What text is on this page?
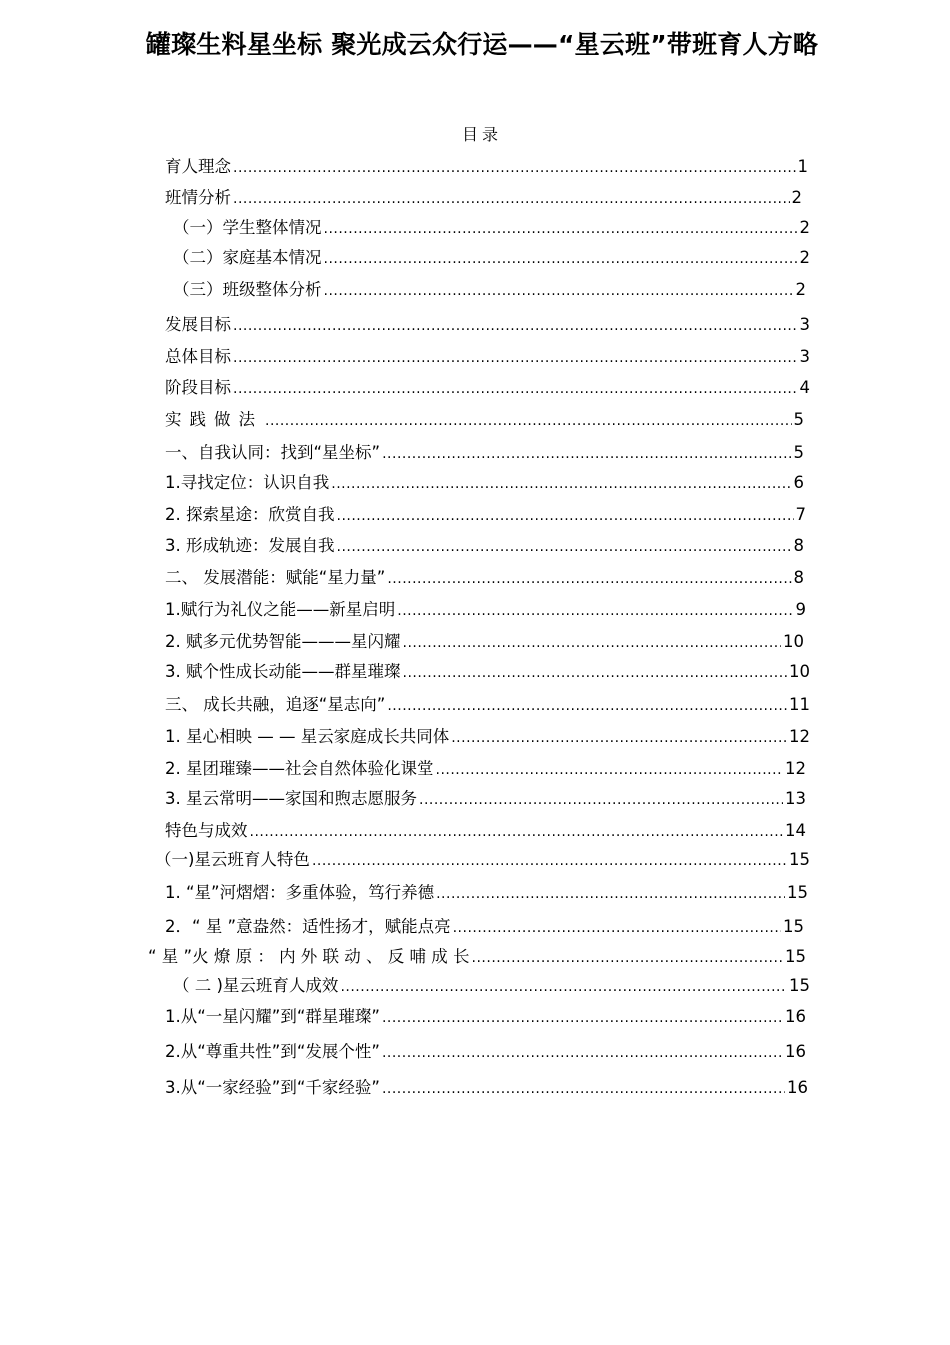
罐璨生料星坐标 聚光成云众行运——“星云班”带班育人方略
目录
育人理念 .....	1
班情分析 .....	2
（一）学生整体情况 .....	2
（二）家庭基本情况 .....	2
（三）班级整体分析 .....	2
发展目标 .....	3
总体目标 .....	3
阶段目标 .....	4
实践做法 .....	5
一、自我认同：找到“星坐标” .....	5
1.寻找定位：认识自我 .....	6
2. 探索星途：欣赏自我 .....	7
3. 形成轨迹：发展自我 .....	8
二、 发展潜能：赋能“星力量” .....	8
1.赋行为礼仪之能——新星启明 .....	9
2. 赋多元优势智能———星闪耀 .....	10
3. 赋个性成长动能——群星璀璨 .....	10
三、 成长共融，追逐“星志向” .....	11
1. 星心相映 — — 星云家庭成长共同体 .....	12
2. 星团璀臻——社会自然体验化课堂 .....	12
3. 星云常明——家国和煦志愿服务 .....	13
特色与成效 .....	14
（一)星云班育人特色 .....	15
1. “星”河熠熠：多重体验，笃行养德 .....	15
2．“ 星 ”意盎然：适性扬才，赋能点亮 .....	15
“ 星 ”火 燎 原 ： 内 外 联 动 、 反 哺 成 长 .....	15
（ 二 )星云班育人成效 .....	15
1.从“一星闪耀”到“群星璀璨” .....	16
2.从“尊重共性”到“发展个性” .....	16
3.从“一家经验”到“千家经验” .....	16
